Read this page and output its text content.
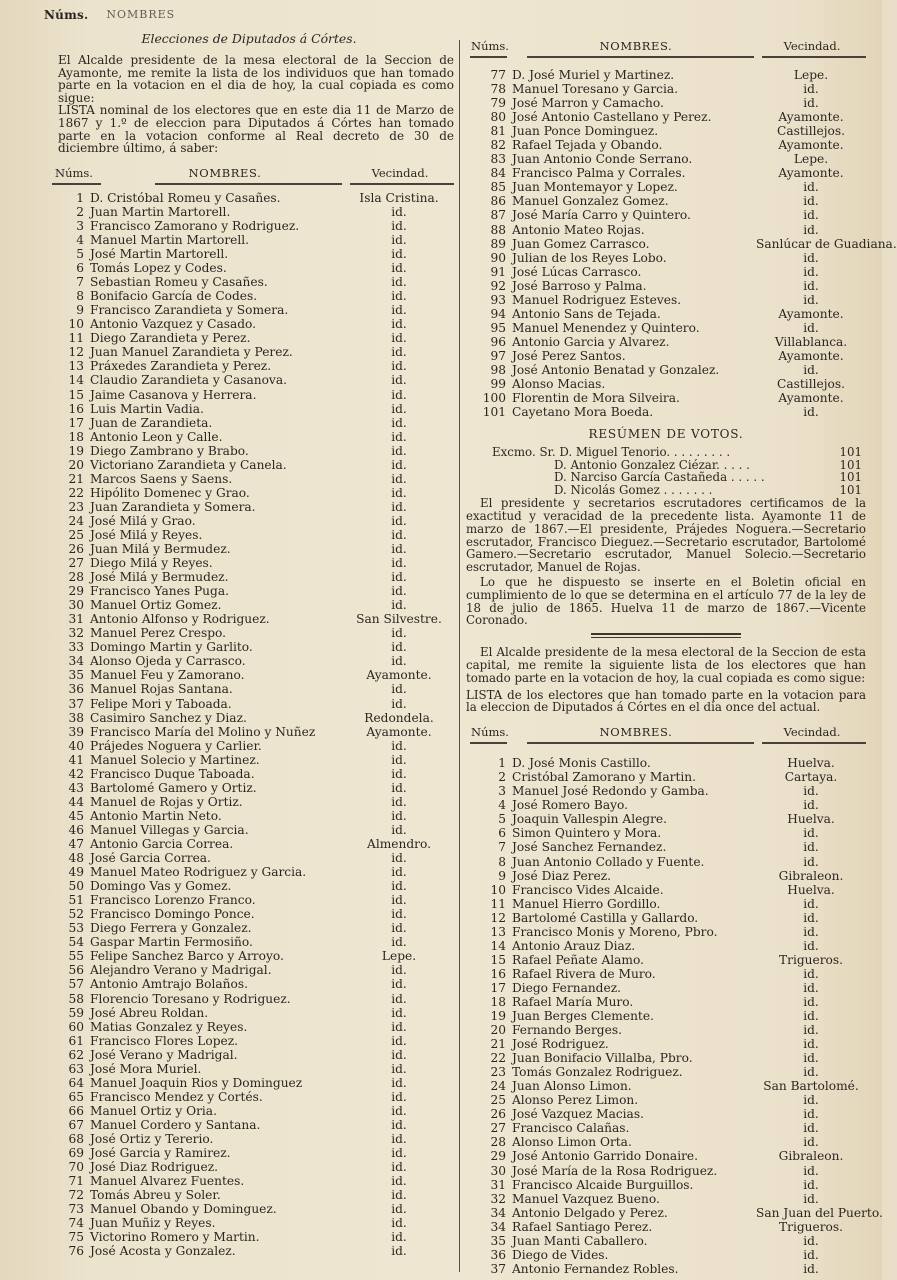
Núms. NOMBRES
Elecciones de Diputados á Córtes.
El Alcalde presidente de la mesa electoral de la Seccion de Ayamonte, me remite la lista de los individuos que han tomado parte en la votacion en el dia de hoy, la cual copiada es como sigue:
LISTA nominal de los electores que en este dia 11 de Marzo de 1867 y 1.º de eleccion para Diputados á Córtes han tomado parte en la votacion conforme al Real decreto de 30 de diciembre último, á saber:
Núms.	NOMBRES.	Vecindad.
1 D. Cristóbal Romeu y Casañes.	Isla Cristina.
2 Juan Martin Martorell.	id.
3 Francisco Zamorano y Rodriguez.	id.
4 Manuel Martin Martorell.	id.
5 José Martin Martorell.	id.
6 Tomás Lopez y Codes.	id.
7 Sebastian Romeu y Casañes.	id.
8 Bonifacio García de Codes.	id.
9 Francisco Zarandieta y Somera.	id.
10 Antonio Vazquez y Casado.	id.
11 Diego Zarandieta y Perez.	id.
12 Juan Manuel Zarandieta y Perez.	id.
13 Práxedes Zarandieta y Perez.	id.
14 Claudio Zarandieta y Casanova.	id.
15 Jaime Casanova y Herrera.	id.
16 Luis Martin Vadia.	id.
17 Juan de Zarandieta.	id.
18 Antonio Leon y Calle.	id.
19 Diego Zambrano y Brabo.	id.
20 Victoriano Zarandieta y Canela.	id.
21 Marcos Saens y Saens.	id.
22 Hipólito Domenec y Grao.	id.
23 Juan Zarandieta y Somera.	id.
24 José Milá y Grao.	id.
25 José Milá y Reyes.	id.
26 Juan Milá y Bermudez.	id.
27 Diego Milá y Reyes.	id.
28 José Milá y Bermudez.	id.
29 Francisco Yanes Puga.	id.
30 Manuel Ortiz Gomez.	id.
31 Antonio Alfonso y Rodriguez.	San Silvestre.
32 Manuel Perez Crespo.	id.
33 Domingo Martin y Garlito.	id.
34 Alonso Ojeda y Carrasco.	id.
35 Manuel Feu y Zamorano.	Ayamonte.
36 Manuel Rojas Santana.	id.
37 Felipe Mori y Taboada.	id.
38 Casimiro Sanchez y Diaz.	Redondela.
39 Francisco María del Molino y Nuñez	Ayamonte.
40 Prájedes Noguera y Carlier.	id.
41 Manuel Solecio y Martinez.	id.
42 Francisco Duque Taboada.	id.
43 Bartolomé Gamero y Ortiz.	id.
44 Manuel de Rojas y Ortiz.	id.
45 Antonio Martin Neto.	id.
46 Manuel Villegas y Garcia.	id.
47 Antonio Garcia Correa.	Almendro.
48 José Garcia Correa.	id.
49 Manuel Mateo Rodriguez y Garcia.	id.
50 Domingo Vas y Gomez.	id.
51 Francisco Lorenzo Franco.	id.
52 Francisco Domingo Ponce.	id.
53 Diego Ferrera y Gonzalez.	id.
54 Gaspar Martin Fermosiño.	id.
55 Felipe Sanchez Barco y Arroyo.	Lepe.
56 Alejandro Verano y Madrigal.	id.
57 Antonio Amtrajo Bolaños.	id.
58 Florencio Toresano y Rodriguez.	id.
59 José Abreu Roldan.	id.
60 Matias Gonzalez y Reyes.	id.
61 Francisco Flores Lopez.	id.
62 José Verano y Madrigal.	id.
63 José Mora Muriel.	id.
64 Manuel Joaquin Rios y Dominguez	id.
65 Francisco Mendez y Cortés.	id.
66 Manuel Ortiz y Oria.	id.
67 Manuel Cordero y Santana.	id.
68 José Ortiz y Tererio.	id.
69 José Garcia y Ramirez.	id.
70 José Diaz Rodriguez.	id.
71 Manuel Alvarez Fuentes.	id.
72 Tomás Abreu y Soler.	id.
73 Manuel Obando y Dominguez.	id.
74 Juan Muñiz y Reyes.	id.
75 Victorino Romero y Martin.	id.
76 José Acosta y Gonzalez.	id.
Núms.	NOMBRES.	Vecindad.
77 D. José Muriel y Martinez.	Lepe.
78 Manuel Toresano y Garcia.	id.
79 José Marron y Camacho.	id.
80 José Antonio Castellano y Perez.	Ayamonte.
81 Juan Ponce Dominguez.	Castillejos.
82 Rafael Tejada y Obando.	Ayamonte.
83 Juan Antonio Conde Serrano.	Lepe.
84 Francisco Palma y Corrales.	Ayamonte.
85 Juan Montemayor y Lopez.	id.
86 Manuel Gonzalez Gomez.	id.
87 José María Carro y Quintero.	id.
88 Antonio Mateo Rojas.	id.
89 Juan Gomez Carrasco.	Sanlúcar de Guadiana.
90 Julian de los Reyes Lobo.	id.
91 José Lúcas Carrasco.	id.
92 José Barroso y Palma.	id.
93 Manuel Rodriguez Esteves.	id.
94 Antonio Sans de Tejada.	Ayamonte.
95 Manuel Menendez y Quintero.	id.
96 Antonio Garcia y Alvarez.	Villablanca.
97 José Perez Santos.	Ayamonte.
98 José Antonio Benatad y Gonzalez.	id.
99 Alonso Macias.	Castillejos.
100 Florentin de Mora Silveira.	Ayamonte.
101 Cayetano Mora Boeda.	id.
RESÚMEN DE VOTOS.
Excmo. Sr. D. Miguel Tenorio. . . . . . . . .	101
D. Antonio Gonzalez Ciézar. . . . .	101
D. Narciso García Castañeda . . . . .	101
D. Nicolás Gomez . . . . . . .	101
El presidente y secretarios escrutadores certificamos de la exactitud y veracidad de la precedente lista. Ayamonte 11 de marzo de 1867.—El presidente, Prájedes Noguera.—Secretario escrutador, Francisco Dieguez.—Secretario escrutador, Bartolomé Gamero.—Secretario escrutador, Manuel Solecio.—Secretario escrutador, Manuel de Rojas.
Lo que he dispuesto se inserte en el Boletin oficial en cumplimiento de lo que se determina en el artículo 77 de la ley de 18 de julio de 1865. Huelva 11 de marzo de 1867.—Vicente Coronado.
El Alcalde presidente de la mesa electoral de la Seccion de esta capital, me remite la siguiente lista de los electores que han tomado parte en la votacion de hoy, la cual copiada es como sigue:
LISTA de los electores que han tomado parte en la votacion para la eleccion de Diputados á Córtes en el dia once del actual.
Núms.	NOMBRES.	Vecindad.
1 D. José Monis Castillo.	Huelva.
2 Cristóbal Zamorano y Martin.	Cartaya.
3 Manuel José Redondo y Gamba.	id.
4 José Romero Bayo.	id.
5 Joaquin Vallespin Alegre.	Huelva.
6 Simon Quintero y Mora.	id.
7 José Sanchez Fernandez.	id.
8 Juan Antonio Collado y Fuente.	id.
9 José Diaz Perez.	Gibraleon.
10 Francisco Vides Alcaide.	Huelva.
11 Manuel Hierro Gordillo.	id.
12 Bartolomé Castilla y Gallardo.	id.
13 Francisco Monis y Moreno, Pbro.	id.
14 Antonio Arauz Diaz.	id.
15 Rafael Peñate Alamo.	Trigueros.
16 Rafael Rivera de Muro.	id.
17 Diego Fernandez.	id.
18 Rafael María Muro.	id.
19 Juan Berges Clemente.	id.
20 Fernando Berges.	id.
21 José Rodriguez.	id.
22 Juan Bonifacio Villalba, Pbro.	id.
23 Tomás Gonzalez Rodriguez.	id.
24 Juan Alonso Limon.	San Bartolomé.
25 Alonso Perez Limon.	id.
26 José Vazquez Macias.	id.
27 Francisco Calañas.	id.
28 Alonso Limon Orta.	id.
29 José Antonio Garrido Donaire.	Gibraleon.
30 José María de la Rosa Rodriguez.	id.
31 Francisco Alcaide Burguillos.	id.
32 Manuel Vazquez Bueno.	id.
34 Antonio Delgado y Perez.	San Juan del Puerto.
34 Rafael Santiago Perez.	Trigueros.
35 Juan Manti Caballero.	id.
36 Diego de Vides.	id.
37 Antonio Fernandez Robles.	id.
